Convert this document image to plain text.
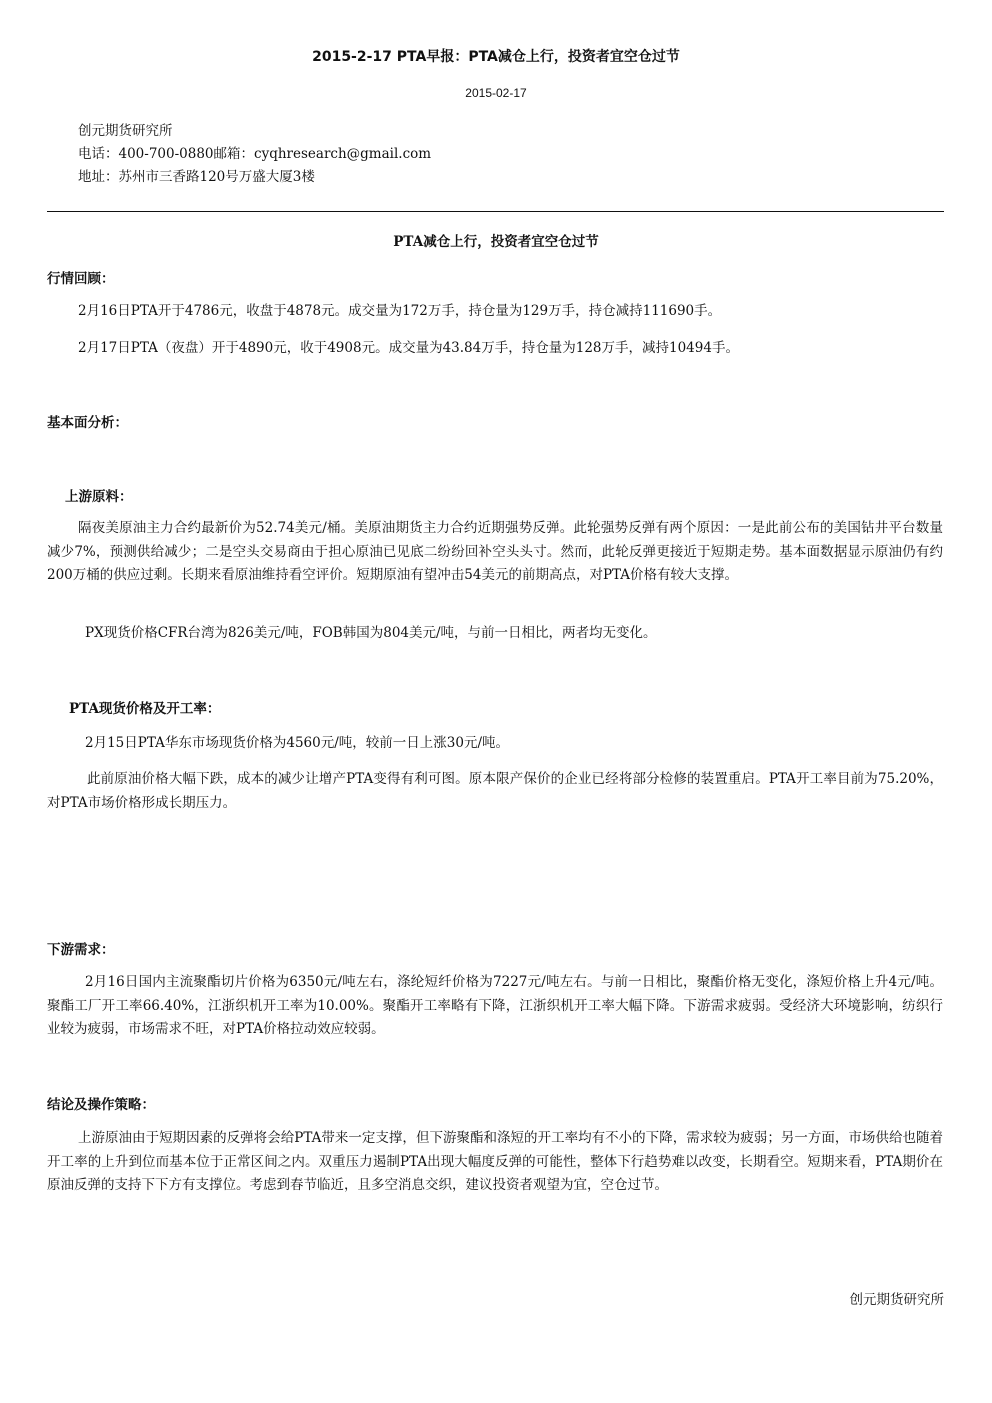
2015-2-17 PTA早报：PTA减仓上行，投资者宜空仓过节
2015-02-17
创元期货研究所
电话：400-700-0880邮箱：cyqhresearch@gmail.com
地址：苏州市三香路120号万盛大厦3楼
PTA减仓上行，投资者宜空仓过节
行情回顾：
2月16日PTA开于4786元，收盘于4878元。成交量为172万手，持仓量为129万手，持仓减持111690手。
2月17日PTA（夜盘）开于4890元，收于4908元。成交量为43.84万手，持仓量为128万手，减持10494手。
基本面分析：
上游原料：
隔夜美原油主力合约最新价为52.74美元/桶。美原油期货主力合约近期强势反弹。此轮强势反弹有两个原因：一是此前公布的美国钻井平台数量减少7%，预测供给减少；二是空头交易商由于担心原油已见底二纷纷回补空头头寸。然而，此轮反弹更接近于短期走势。基本面数据显示原油仍有约200万桶的供应过剩。长期来看原油维持看空评价。短期原油有望冲击54美元的前期高点，对PTA价格有较大支撑。
PX现货价格CFR台湾为826美元/吨，FOB韩国为804美元/吨，与前一日相比，两者均无变化。
PTA现货价格及开工率：
2月15日PTA华东市场现货价格为4560元/吨，较前一日上涨30元/吨。
此前原油价格大幅下跌，成本的减少让增产PTA变得有利可图。原本限产保价的企业已经将部分检修的装置重启。PTA开工率目前为75.20%，对PTA市场价格形成长期压力。
下游需求：
2月16日国内主流聚酯切片价格为6350元/吨左右，涤纶短纤价格为7227元/吨左右。与前一日相比，聚酯价格无变化，涤短价格上升4元/吨。聚酯工厂开工率66.40%，江浙织机开工率为10.00%。聚酯开工率略有下降，江浙织机开工率大幅下降。下游需求疲弱。受经济大环境影响，纺织行业较为疲弱，市场需求不旺，对PTA价格拉动效应较弱。
结论及操作策略：
上游原油由于短期因素的反弹将会给PTA带来一定支撑，但下游聚酯和涤短的开工率均有不小的下降，需求较为疲弱；另一方面，市场供给也随着开工率的上升到位而基本位于正常区间之内。双重压力遏制PTA出现大幅度反弹的可能性，整体下行趋势难以改变，长期看空。短期来看，PTA期价在原油反弹的支持下下方有支撑位。考虑到春节临近，且多空消息交织，建议投资者观望为宜，空仓过节。
创元期货研究所
